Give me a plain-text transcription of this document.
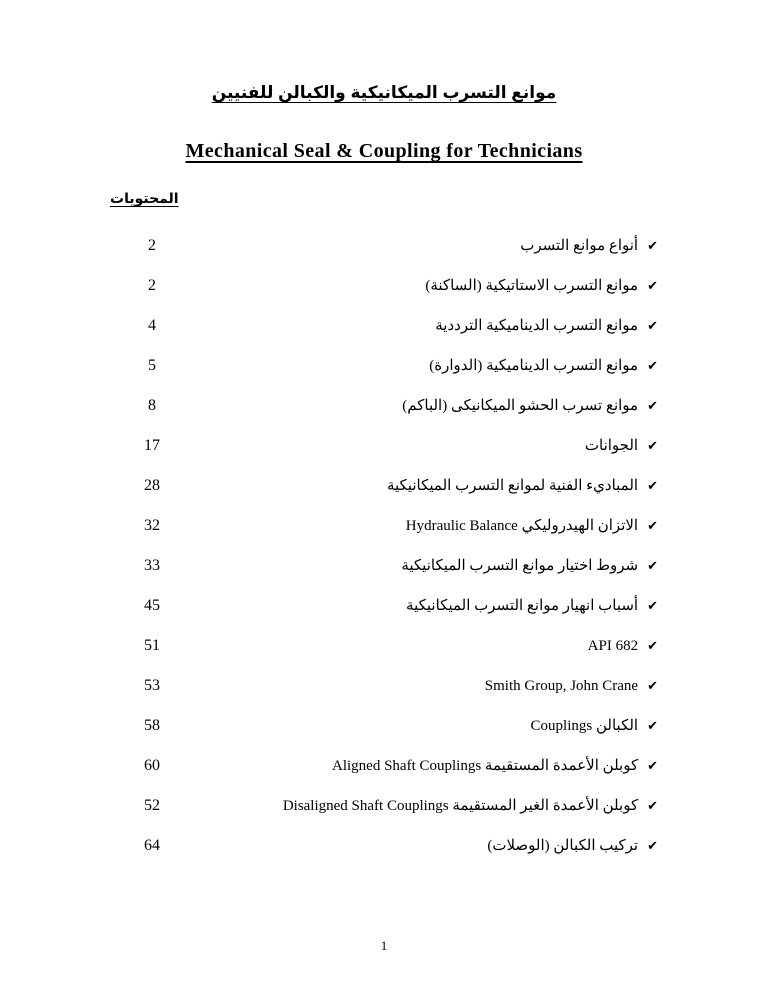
موانع التسرب الميكانيكية والكبالن للفنيين
Mechanical Seal & Coupling for Technicians
المحتويات
✔
أنواع موانع التسرب
2
✔
موانع التسرب الاستاتيكية (الساكنة)
2
✔
موانع التسرب الديناميكية الترددية
4
✔
موانع التسرب الديناميكية (الدوارة)
5
✔
موانع تسرب الحشو الميكانيكى (الباكم)
8
✔
الجوانات
17
✔
المباديء الفنية لموانع التسرب الميكانيكية
28
✔
الاتزان الهيدروليكي Hydraulic Balance
32
✔
شروط اختيار موانع التسرب الميكانيكية
33
✔
أسباب انهيار موانع التسرب الميكانيكية
45
✔
API 682
51
✔
Smith Group, John Crane
53
✔
الكبالن Couplings
58
✔
كوبلن الأعمدة المستقيمة Aligned Shaft Couplings
60
✔
كوبلن الأعمدة الغير المستقيمة Disaligned Shaft Couplings
52
✔
تركيب الكبالن (الوصلات)
64
1
